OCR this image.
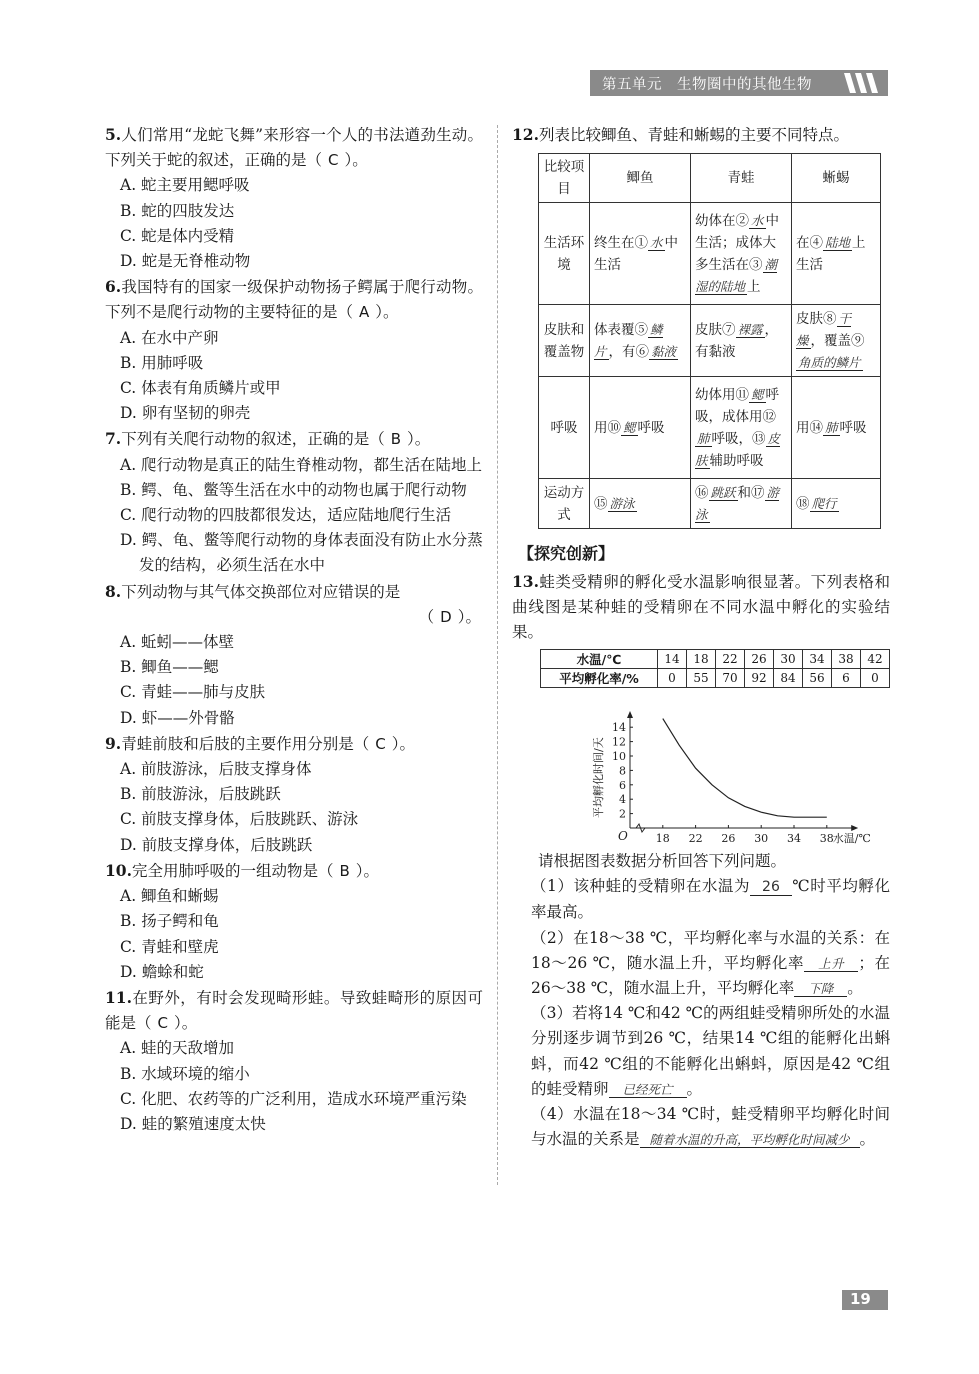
第五单元　生物圈中的其他生物

5.人们常用“龙蛇飞舞”来形容一个人的书法遒劲生动。下列关于蛇的叙述，正确的是（ C ）。

A. 蛇主要用鳃呼吸

B. 蛇的四肢发达

C. 蛇是体内受精

D. 蛇是无脊椎动物

6.我国特有的国家一级保护动物扬子鳄属于爬行动物。下列不是爬行动物的主要特征的是（ A ）。

A. 在水中产卵

B. 用肺呼吸

C. 体表有角质鳞片或甲

D. 卵有坚韧的卵壳

7.下列有关爬行动物的叙述，正确的是（ B ）。

A. 爬行动物是真正的陆生脊椎动物，都生活在陆地上

B. 鳄、龟、鳖等生活在水中的动物也属于爬行动物

C. 爬行动物的四肢都很发达，适应陆地爬行生活

D. 鳄、龟、鳖等爬行动物的身体表面没有防止水分蒸发的结构，必须生活在水中

8.下列动物与其气体交换部位对应错误的是

（ D ）。

A. 蚯蚓——体壁

B. 鲫鱼——鳃

C. 青蛙——肺与皮肤

D. 虾——外骨骼

9.青蛙前肢和后肢的主要作用分别是（ C ）。

A. 前肢游泳，后肢支撑身体

B. 前肢游泳，后肢跳跃

C. 前肢支撑身体，后肢跳跃、游泳

D. 前肢支撑身体，后肢跳跃

10.完全用肺呼吸的一组动物是（ B ）。

A. 鲫鱼和蜥蜴

B. 扬子鳄和龟

C. 青蛙和壁虎

D. 蟾蜍和蛇

11.在野外，有时会发现畸形蛙。导致蛙畸形的原因可能是（ C ）。

A. 蛙的天敌增加

B. 水域环境的缩小

C. 化肥、农药等的广泛利用，造成水环境严重污染

D. 蛙的繁殖速度太快

12.列表比较鲫鱼、青蛙和蜥蜴的主要不同特点。

比较项目	鲫鱼	青蛙	蜥蜴
生活环境	终生在① 水 中生活	幼体在② 水 中生活；成体大多生活在③ 潮湿的陆地 上	在④ 陆地 上生活
皮肤和覆盖物	体表覆⑤ 鳞片 ，有⑥ 黏液	皮肤⑦ 裸露 ，有黏液	皮肤⑧ 干燥 ，覆盖⑨角质的鳞片
呼吸	用⑩ 鳃 呼吸	幼体用⑪ 鳃 呼吸，成体用⑫肺 呼吸，⑬ 皮肤 辅助呼吸	用⑭ 肺 呼吸
运动方式	⑮ 游泳	⑯ 跳跃 和⑰ 游泳	⑱ 爬行
【探究创新】

13.蛙类受精卵的孵化受水温影响很显著。下列表格和曲线图是某种蛙的受精卵在不同水温中孵化的实验结果。

水温/℃	14	18	22	26	30	34	38	42
平均孵化率/%	0	55	70	92	84	56	6	0
2
4
6
8
10
12
14
18 22 26 30 34 38
O	水温/℃
平均孵化时间/天

请根据图表数据分析回答下列问题。

（1）该种蛙的受精卵在水温为 26 ℃时平均孵化率最高。

（2）在18～38 ℃，平均孵化率与水温的关系：在18～26 ℃，随水温上升，平均孵化率 上升 ；在26～38 ℃，随水温上升，平均孵化率 下降 。

（3）若将14 ℃和42 ℃的两组蛙受精卵所处的水温分别逐步调节到26 ℃，结果14 ℃组的能孵化出蝌蚪，而42 ℃组的不能孵化出蝌蚪，原因是42 ℃组的蛙受精卵 已经死亡 。

（4）水温在18～34 ℃时，蛙受精卵平均孵化时间与水温的关系是 随着水温的升高，平均孵化时间减少 。

19
